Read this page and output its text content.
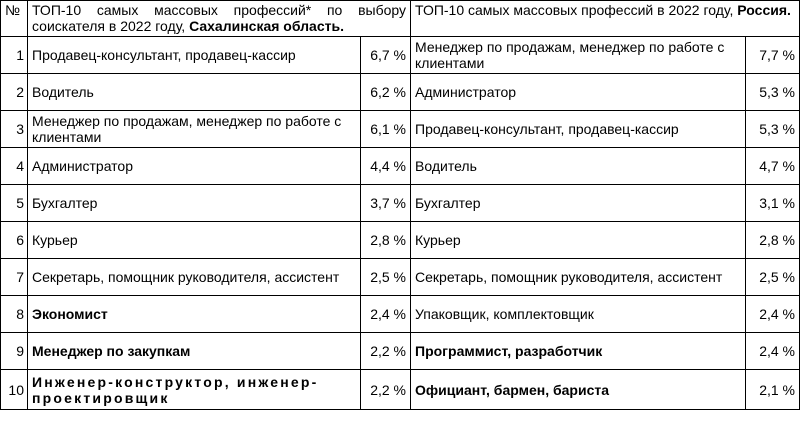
№	ТОП-10 самых массовых профессий* по выбору соискателя в 2022 году, Сахалинская область.		ТОП-10 самых массовых профессий в 2022 году, Россия.	
1	Продавец-консультант, продавец-кассир	6,7 %	Менеджер по продажам, менеджер по работе с клиентами	7,7 %
2	Водитель	6,2 %	Администратор	5,3 %
3	Менеджер по продажам, менеджер по работе с клиентами	6,1 %	Продавец-консультант, продавец-кассир	5,3 %
4	Администратор	4,4 %	Водитель	4,7 %
5	Бухгалтер	3,7 %	Бухгалтер	3,1 %
6	Курьер	2,8 %	Курьер	2,8 %
7	Секретарь, помощник руководителя, ассистент	2,5 %	Секретарь, помощник руководителя, ассистент	2,5 %
8	Экономист	2,4 %	Упаковщик, комплектовщик	2,4 %
9	Менеджер по закупкам	2,2 %	Программист, разработчик	2,4 %
10	Инженер-конструктор, инженер-проектировщик	2,2 %	Официант, бармен, бариста	2,1 %
